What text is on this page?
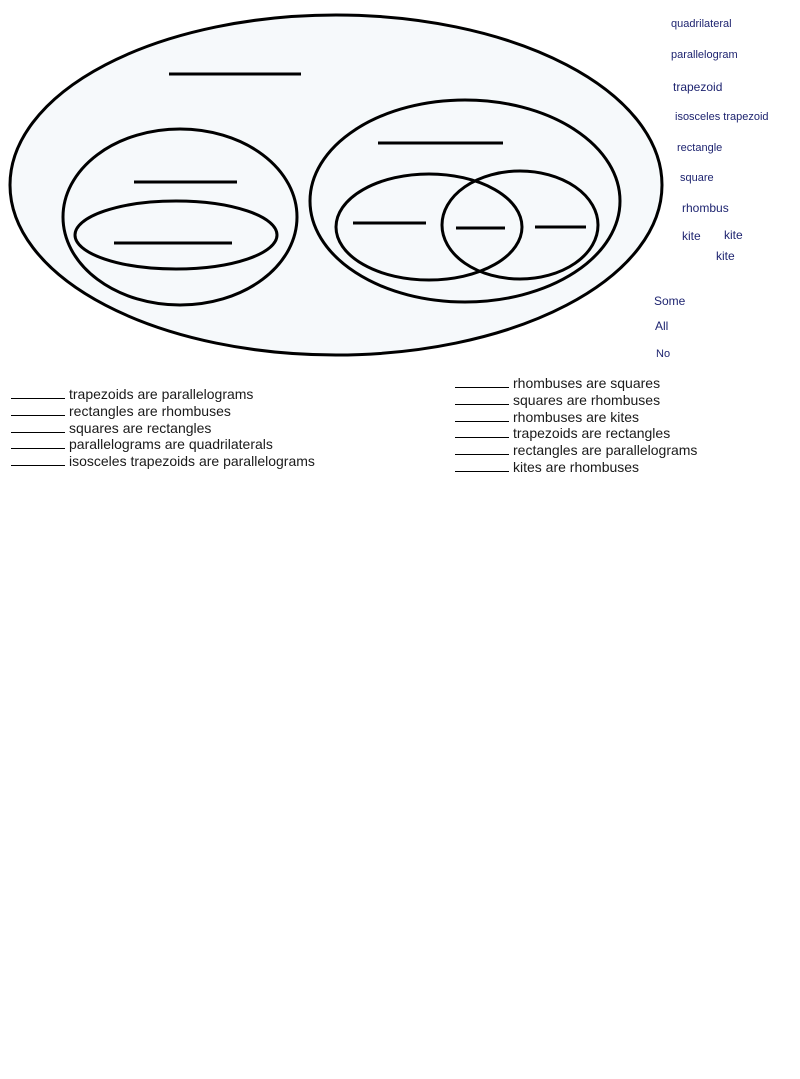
quadrilateral
parallelogram
trapezoid
isosceles trapezoid
rectangle
square
rhombus
kite kite
kite
Some
All
No
trapezoids are parallelograms
rectangles are rhombuses
squares are rectangles
parallelograms are quadrilaterals
isosceles trapezoids are parallelograms
rhombuses are squares
squares are rhombuses
rhombuses are kites
trapezoids are rectangles
rectangles are parallelograms
kites are rhombuses
